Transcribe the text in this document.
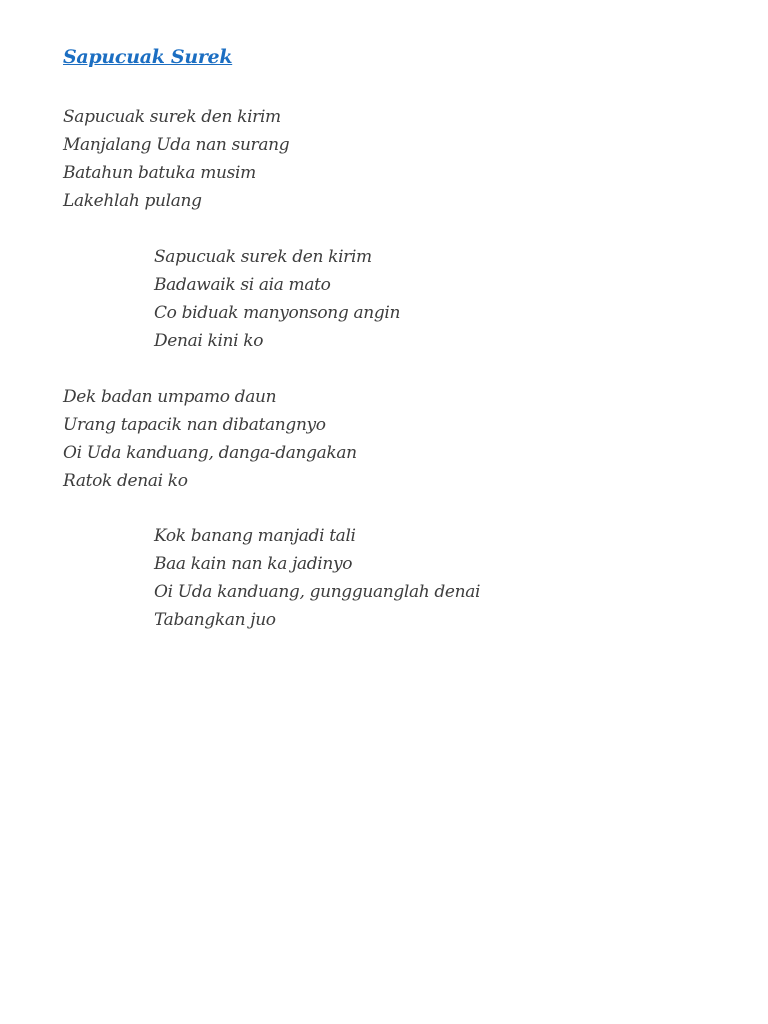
Sapucuak Surek
Sapucuak surek den kirim
Manjalang Uda nan surang
Batahun batuka musim
Lakehlah pulang
Sapucuak surek den kirim
Badawaik si aia mato
Co biduak manyonsong angin
Denai kini ko
Dek badan umpamo daun
Urang tapacik nan dibatangnyo
Oi Uda kanduang, danga-dangakan
Ratok denai ko
Kok banang manjadi tali
Baa kain nan ka jadinyo
Oi Uda kanduang, gungguanglah denai
Tabangkan juo
